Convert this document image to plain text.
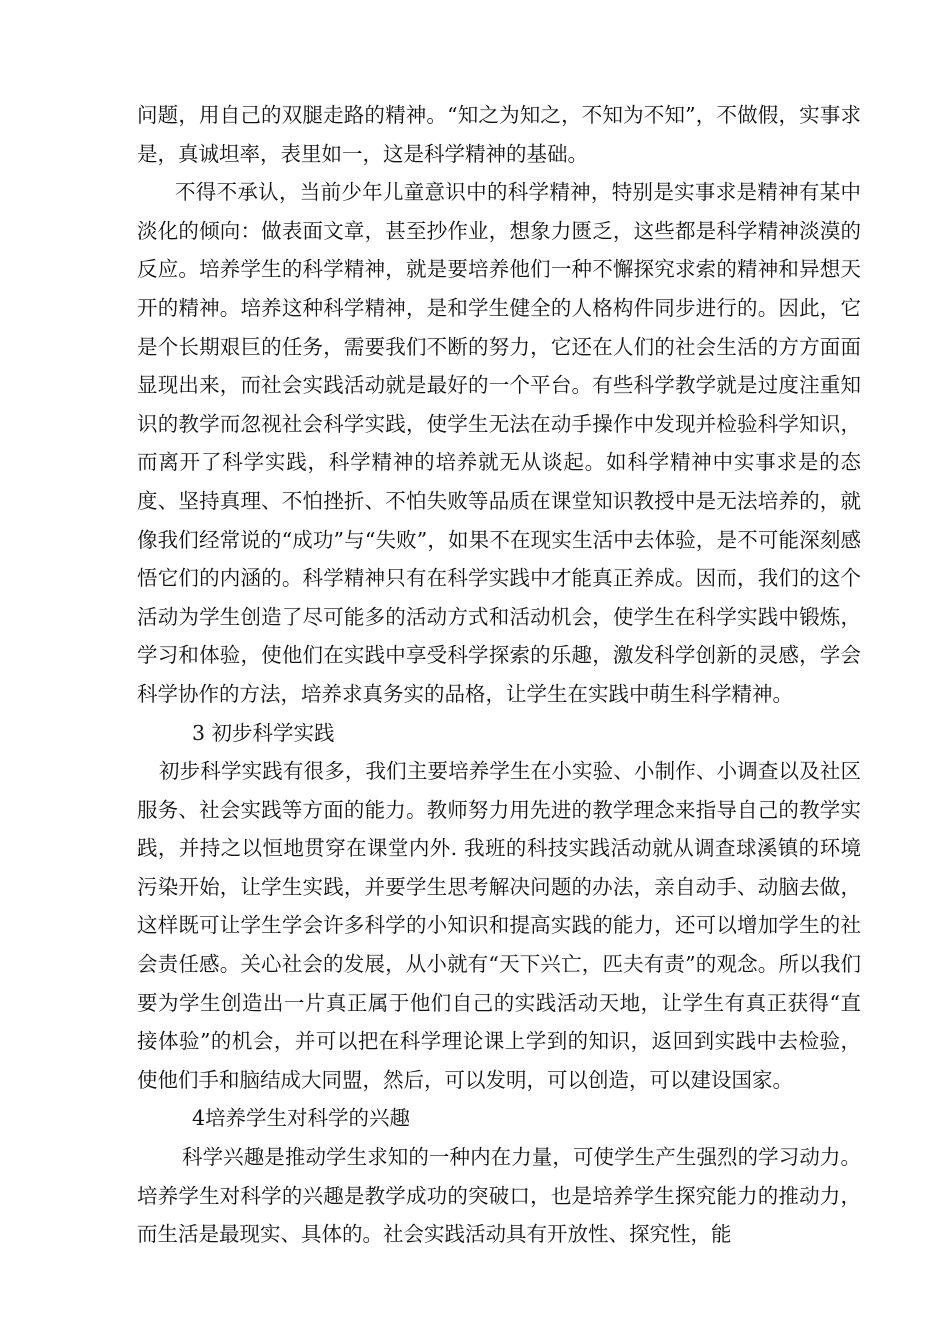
问题，用自己的双腿走路的精神。“知之为知之，不知为不知”，不做假，实事求是，真诚坦率，表里如一，这是科学精神的基础。

不得不承认，当前少年儿童意识中的科学精神，特别是实事求是精神有某中淡化的倾向：做表面文章，甚至抄作业，想象力匮乏，这些都是科学精神淡漠的反应。培养学生的科学精神，就是要培养他们一种不懈探究求索的精神和异想天开的精神。培养这种科学精神，是和学生健全的人格构件同步进行的。因此，它是个长期艰巨的任务，需要我们不断的努力，它还在人们的社会生活的方方面面显现出来，而社会实践活动就是最好的一个平台。有些科学教学就是过度注重知识的教学而忽视社会科学实践，使学生无法在动手操作中发现并检验科学知识，而离开了科学实践，科学精神的培养就无从谈起。如科学精神中实事求是的态度、坚持真理、不怕挫折、不怕失败等品质在课堂知识教授中是无法培养的，就像我们经常说的“成功”与“失败”，如果不在现实生活中去体验，是不可能深刻感悟它们的内涵的。科学精神只有在科学实践中才能真正养成。因而，我们的这个活动为学生创造了尽可能多的活动方式和活动机会，使学生在科学实践中锻炼，学习和体验，使他们在实践中享受科学探索的乐趣，激发科学创新的灵感，学会科学协作的方法，培养求真务实的品格，让学生在实践中萌生科学精神。

3 初步科学实践

初步科学实践有很多，我们主要培养学生在小实验、小制作、小调查以及社区服务、社会实践等方面的能力。教师努力用先进的教学理念来指导自己的教学实践，并持之以恒地贯穿在课堂内外. 我班的科技实践活动就从调查球溪镇的环境污染开始，让学生实践，并要学生思考解决问题的办法，亲自动手、动脑去做，这样既可让学生学会许多科学的小知识和提高实践的能力，还可以增加学生的社会责任感。关心社会的发展，从小就有“天下兴亡，匹夫有责”的观念。所以我们要为学生创造出一片真正属于他们自己的实践活动天地，让学生有真正获得“直接体验”的机会，并可以把在科学理论课上学到的知识，返回到实践中去检验，使他们手和脑结成大同盟，然后，可以发明，可以创造，可以建设国家。

4培养学生对科学的兴趣

科学兴趣是推动学生求知的一种内在力量，可使学生产生强烈的学习动力。培养学生对科学的兴趣是教学成功的突破口，也是培养学生探究能力的推动力，而生活是最现实、具体的。社会实践活动具有开放性、探究性，能
